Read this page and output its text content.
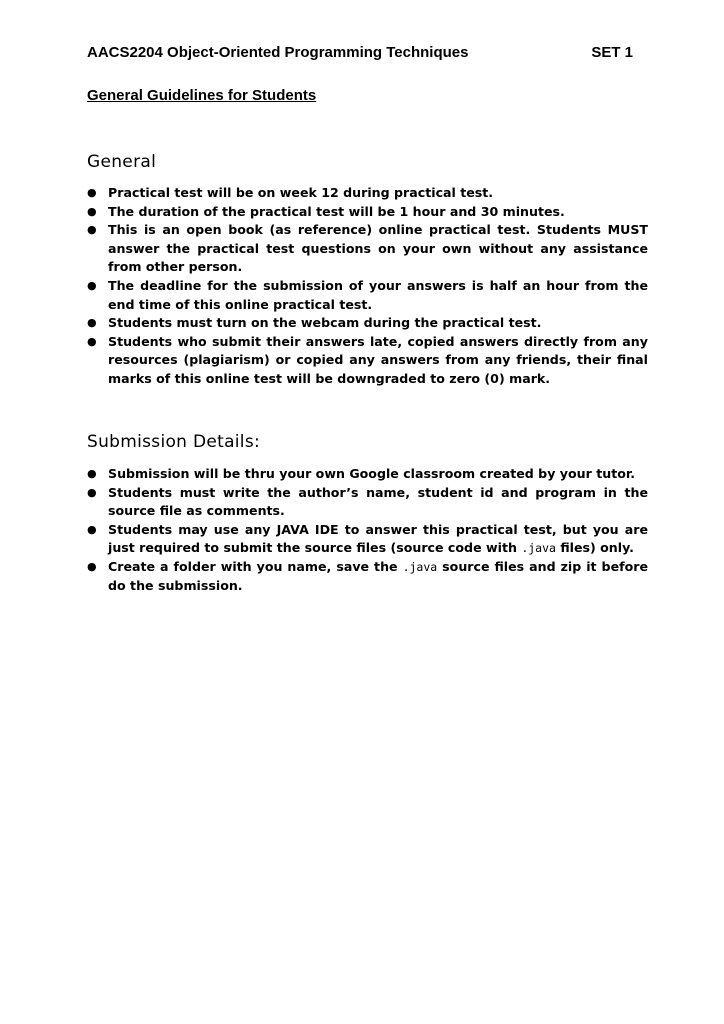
AACS2204 Object-Oriented Programming Techniques	SET 1
General Guidelines for Students
General
● Practical test will be on week 12 during practical test.
● The duration of the practical test will be 1 hour and 30 minutes.
● This is an open book (as reference) online practical test. Students MUST answer the practical test questions on your own without any assistance from other person.
● The deadline for the submission of your answers is half an hour from the end time of this online practical test.
● Students must turn on the webcam during the practical test.
● Students who submit their answers late, copied answers directly from any resources (plagiarism) or copied any answers from any friends, their final marks of this online test will be downgraded to zero (0) mark.
Submission Details:
● Submission will be thru your own Google classroom created by your tutor.
● Students must write the author’s name, student id and program in the source file as comments.
● Students may use any JAVA IDE to answer this practical test, but you are just required to submit the source files (source code with .java files) only.
● Create a folder with you name, save the .java source files and zip it before do the submission.
